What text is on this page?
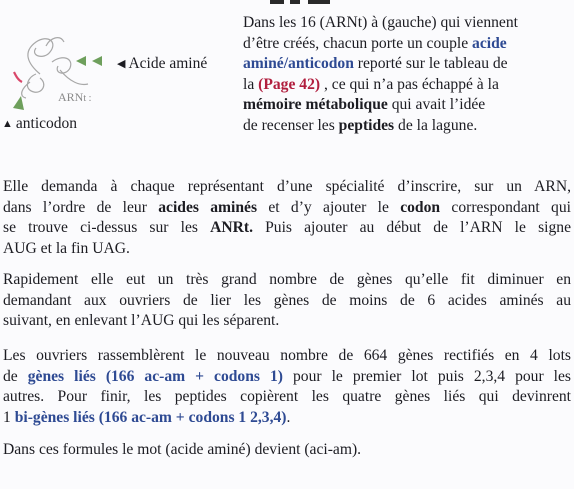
◀ Acide aminé
ARNt :
▲ anticodon
Dans les 16 (ARNt) à (gauche) qui viennent
d’être créés, chacun porte un couple acide
aminé/anticodon reporté sur le tableau de
la (Page 42) , ce qui n’a pas échappé à la
mémoire métabolique qui avait l’idée
de recenser les peptides de la lagune.
Elle demanda à chaque représentant d’une spécialité d’inscrire, sur un ARN,
dans l’ordre de leur acides aminés et d’y ajouter le codon correspondant qui
se trouve ci-dessus sur les ANRt. Puis ajouter au début de l’ARN le signe
AUG et la fin UAG.
Rapidement elle eut un très grand nombre de gènes qu’elle fit diminuer en
demandant aux ouvriers de lier les gènes de moins de 6 acides aminés au
suivant, en enlevant l’AUG qui les séparent.
Les ouvriers rassemblèrent le nouveau nombre de 664 gènes rectifiés en 4 lots
de gènes liés (166 ac-am + codons 1) pour le premier lot puis 2,3,4 pour les
autres. Pour finir, les peptides copièrent les quatre gènes liés qui devinrent
1 bi-gènes liés (166 ac-am + codons 1 2,3,4).
Dans ces formules le mot (acide aminé) devient (aci-am).
